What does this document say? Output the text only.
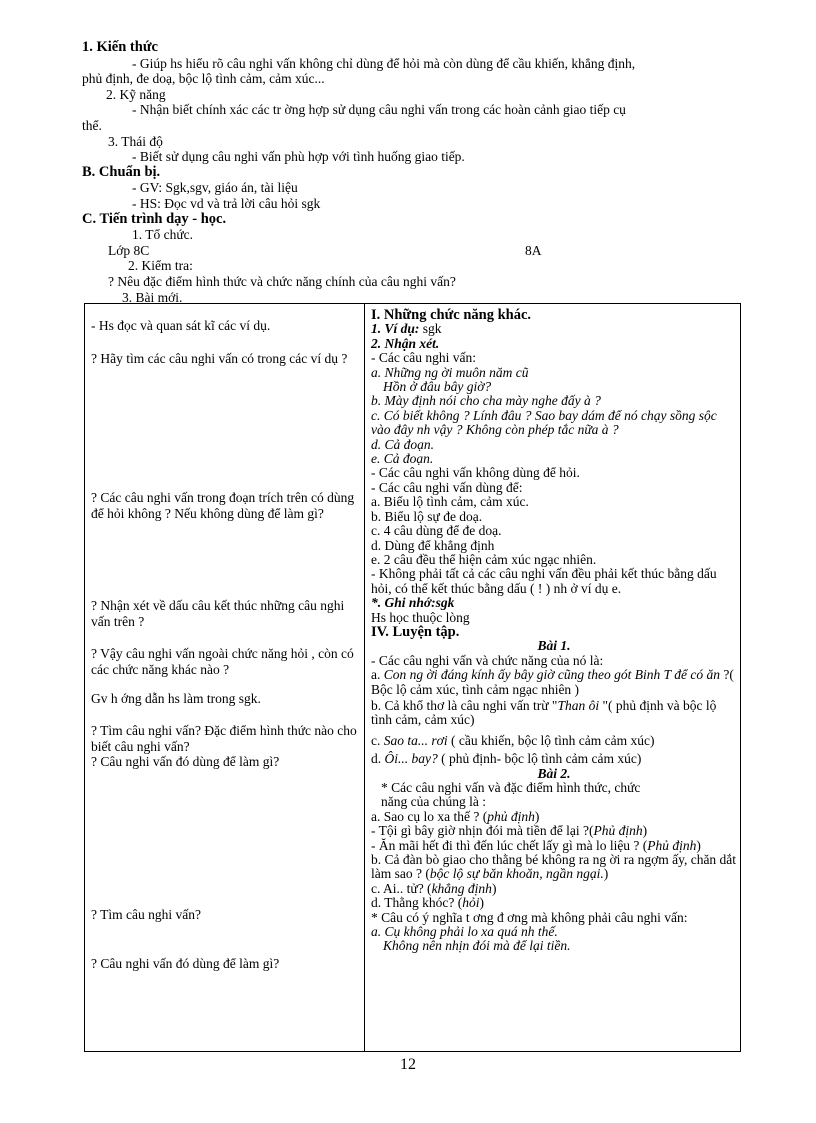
1. Kiến thức

- Giúp hs hiểu rõ câu nghi vấn không chỉ dùng để hỏi mà còn dùng để cầu khiến, khẳng định,

phủ định, đe doạ, bộc lộ tình cảm, cảm xúc...

2. Kỹ năng

- Nhận biết chính xác các tr ờng hợp sử dụng câu nghi vấn trong các hoàn cảnh giao tiếp cụ

thể.

3. Thái độ

- Biết sử dụng câu nghi vấn phù hợp với tình huống giao tiếp.

B. Chuẩn bị.

- GV: Sgk,sgv, giáo án, tài liệu

- HS: Đọc vd và trả lời câu hỏi sgk

C. Tiến trình dạy - học.

1. Tổ chức.

Lớp 8C	8A

2. Kiểm tra:

? Nêu đặc điểm hình thức và chức năng chính của câu nghi vấn?

3. Bài mới.

- Hs đọc và quan sát kĩ các ví dụ.
? Hãy tìm các câu nghi vấn có trong các ví dụ ?
? Các câu nghi vấn trong đoạn trích trên có dùng để hỏi không ? Nếu không dùng để làm gì?
? Nhận xét về dấu câu kết thúc những câu nghi vấn trên ?
? Vậy câu nghi vấn ngoài chức năng hỏi , còn có các chức năng khác nào ?
Gv h ớng dẫn hs làm trong sgk.
? Tìm câu nghi vấn? Đặc điểm hình thức nào cho biết câu nghi vấn?
? Câu nghi vấn đó dùng để làm gì?
? Tìm câu nghi vấn?
? Câu nghi vấn đó dùng để làm gì?

I. Những chức năng khác.

1. Ví dụ: sgk

2. Nhận xét.

- Các câu nghi vấn:

a. Những ng ời muôn năm cũ

Hồn ở đâu bây giờ?

b. Mày định nói cho cha mày nghe đấy à ?

c. Có biết không ? Lính đâu ? Sao bay dám để nó chạy sồng sộc vào đây nh vậy ? Không còn phép tắc nữa à ?

d. Cả đoạn.

e. Cả đoạn.

- Các câu nghi vấn không dùng để hỏi.

- Các câu nghi vấn dùng để:

a. Biểu lộ tình cảm, cảm xúc.

b. Biểu lộ sự đe doạ.

c. 4 câu dùng để đe doạ.

d. Dùng để khẳng định

e. 2 câu đều thể hiện cảm xúc ngạc nhiên.

- Không phải tất cả các câu nghi vấn đều phải kết thúc bằng dấu hỏi, có thể kết thúc bằng dấu ( ! ) nh ở ví dụ e.

*. Ghi nhớ:sgk

Hs học thuộc lòng

IV. Luyện tập.

Bài 1.

- Các câu nghi vấn và chức năng của nó là:

a. Con ng ời đáng kính ấy bây giờ cũng theo gót Binh T để có ăn ?( Bộc lộ cảm xúc, tình cảm ngạc nhiên )

b. Cả khổ thơ là câu nghi vấn trừ "Than ôi "( phủ định và bộc lộ tình cảm, cảm xúc)

c. Sao ta... rơi ( cầu khiến, bộc lộ tình cảm cảm xúc)

d. Ôi... bay? ( phủ định- bộc lộ tình cảm cảm xúc)

Bài 2.

* Các câu nghi vấn và đặc điểm hình thức, chức năng của chúng là :

a. Sao cụ lo xa thế ? (phủ định)

- Tội gì bây giờ nhịn đói mà tiền để lại ?(Phủ định)

- Ăn mãi hết đi thì đến lúc chết lấy gì mà lo liệu ? (Phủ định)

b. Cả đàn bò giao cho thằng bé không ra ng ời ra ngợm ấy, chăn dắt làm sao ? (bộc lộ sự băn khoăn, ngần ngại.)

c. Ai.. tử? (khẳng định)

d. Thằng khóc? (hỏi)

* Câu có ý nghĩa t ơng đ ơng mà không phải câu nghi vấn:

a. Cụ không phải lo xa quá nh thế.

Không nên nhịn đói mà để lại tiền.

12
